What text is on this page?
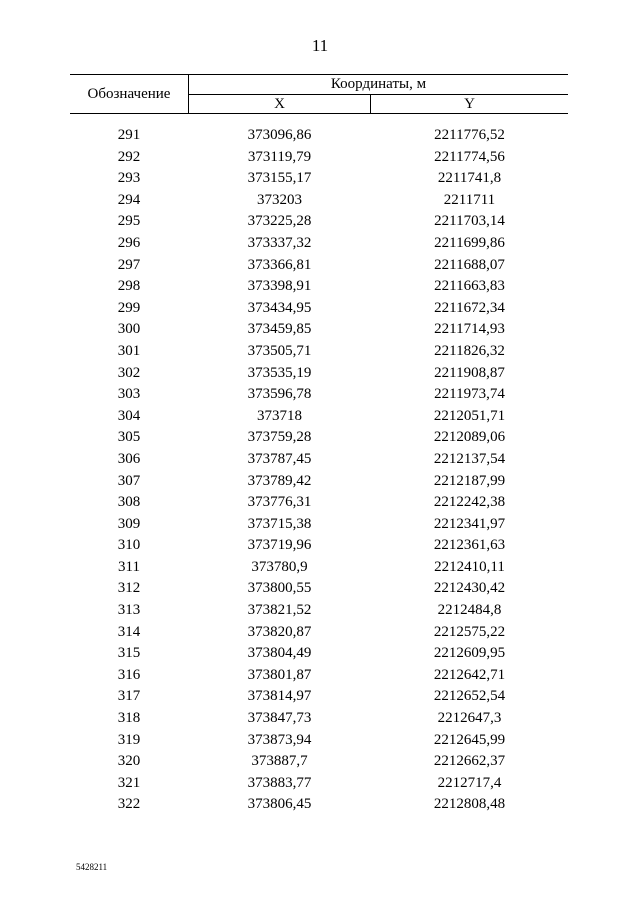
11
Обозначение
Координаты, м
X	Y
291	373096,86	2211776,52
292	373119,79	2211774,56
293	373155,17	2211741,8
294	373203	2211711
295	373225,28	2211703,14
296	373337,32	2211699,86
297	373366,81	2211688,07
298	373398,91	2211663,83
299	373434,95	2211672,34
300	373459,85	2211714,93
301	373505,71	2211826,32
302	373535,19	2211908,87
303	373596,78	2211973,74
304	373718	2212051,71
305	373759,28	2212089,06
306	373787,45	2212137,54
307	373789,42	2212187,99
308	373776,31	2212242,38
309	373715,38	2212341,97
310	373719,96	2212361,63
311	373780,9	2212410,11
312	373800,55	2212430,42
313	373821,52	2212484,8
314	373820,87	2212575,22
315	373804,49	2212609,95
316	373801,87	2212642,71
317	373814,97	2212652,54
318	373847,73	2212647,3
319	373873,94	2212645,99
320	373887,7	2212662,37
321	373883,77	2212717,4
322	373806,45	2212808,48
5428211
